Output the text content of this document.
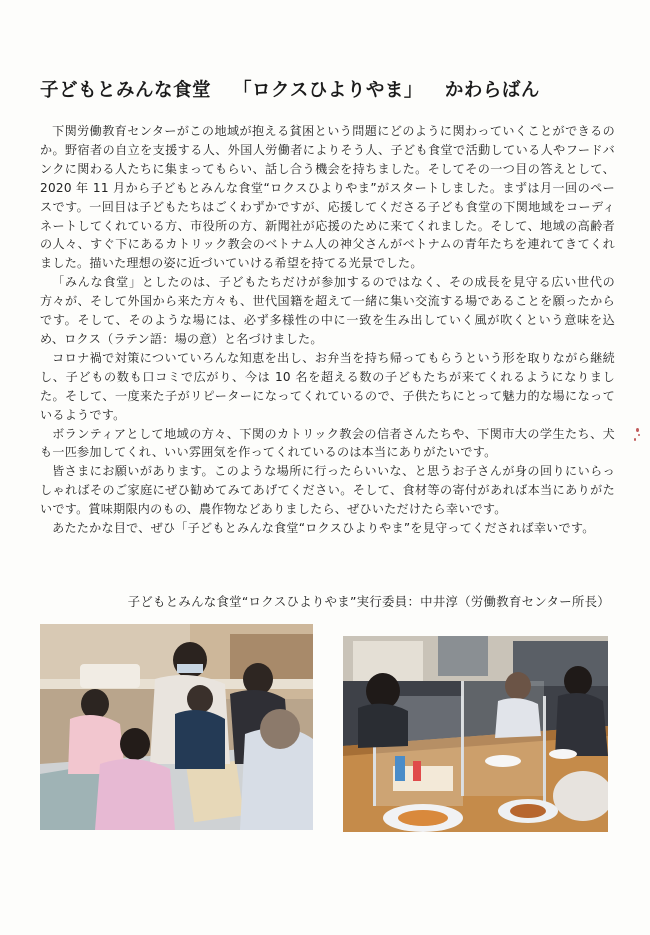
子どもとみんな食堂 「ロクスひよりやま」 かわらばん

下関労働教育センターがこの地域が抱える貧困という問題にどのように関わっていくことができるのか。野宿者の自立を支援する人、外国人労働者によりそう人、子ども食堂で活動している人やフードバンクに関わる人たちに集まってもらい、話し合う機会を持ちました。そしてその一つ目の答えとして、2020 年 11 月から子どもとみんな食堂“ロクスひよりやま”がスタートしました。まずは月一回のペースです。一回目は子どもたちはごくわずかですが、応援してくださる子ども食堂の下関地域をコーディネートしてくれている方、市役所の方、新聞社が応援のために来てくれました。そして、地域の高齢者の人々、すぐ下にあるカトリック教会のベトナム人の神父さんがベトナムの青年たちを連れてきてくれました。描いた理想の姿に近づいていける希望を持てる光景でした。

「みんな食堂」としたのは、子どもたちだけが参加するのではなく、その成長を見守る広い世代の方々が、そして外国から来た方々も、世代国籍を超えて一緒に集い交流する場であることを願ったからです。そして、そのような場には、必ず多様性の中に一致を生み出していく風が吹くという意味を込め、ロクス（ラテン語：場の意）と名づけました。

コロナ禍で対策についていろんな知恵を出し、お弁当を持ち帰ってもらうという形を取りながら継続し、子どもの数も口コミで広がり、今は 10 名を超える数の子どもたちが来てくれるようになりました。そして、一度来た子がリピーターになってくれているので、子供たちにとって魅力的な場になっているようです。

ボランティアとして地域の方々、下関のカトリック教会の信者さんたちや、下関市大の学生たち、犬も一匹参加してくれ、いい雰囲気を作ってくれているのは本当にありがたいです。

皆さまにお願いがあります。このような場所に行ったらいいな、と思うお子さんが身の回りにいらっしゃればそのご家庭にぜひ勧めてみてあげてください。そして、食材等の寄付があれば本当にありがたいです。賞味期限内のもの、農作物などありましたら、ぜひいただけたら幸いです。

あたたかな目で、ぜひ「子どもとみんな食堂“ロクスひよりやま”を見守ってくだされば幸いです。

子どもとみんな食堂“ロクスひよりやま”実行委員：中井淳（労働教育センター所長）
